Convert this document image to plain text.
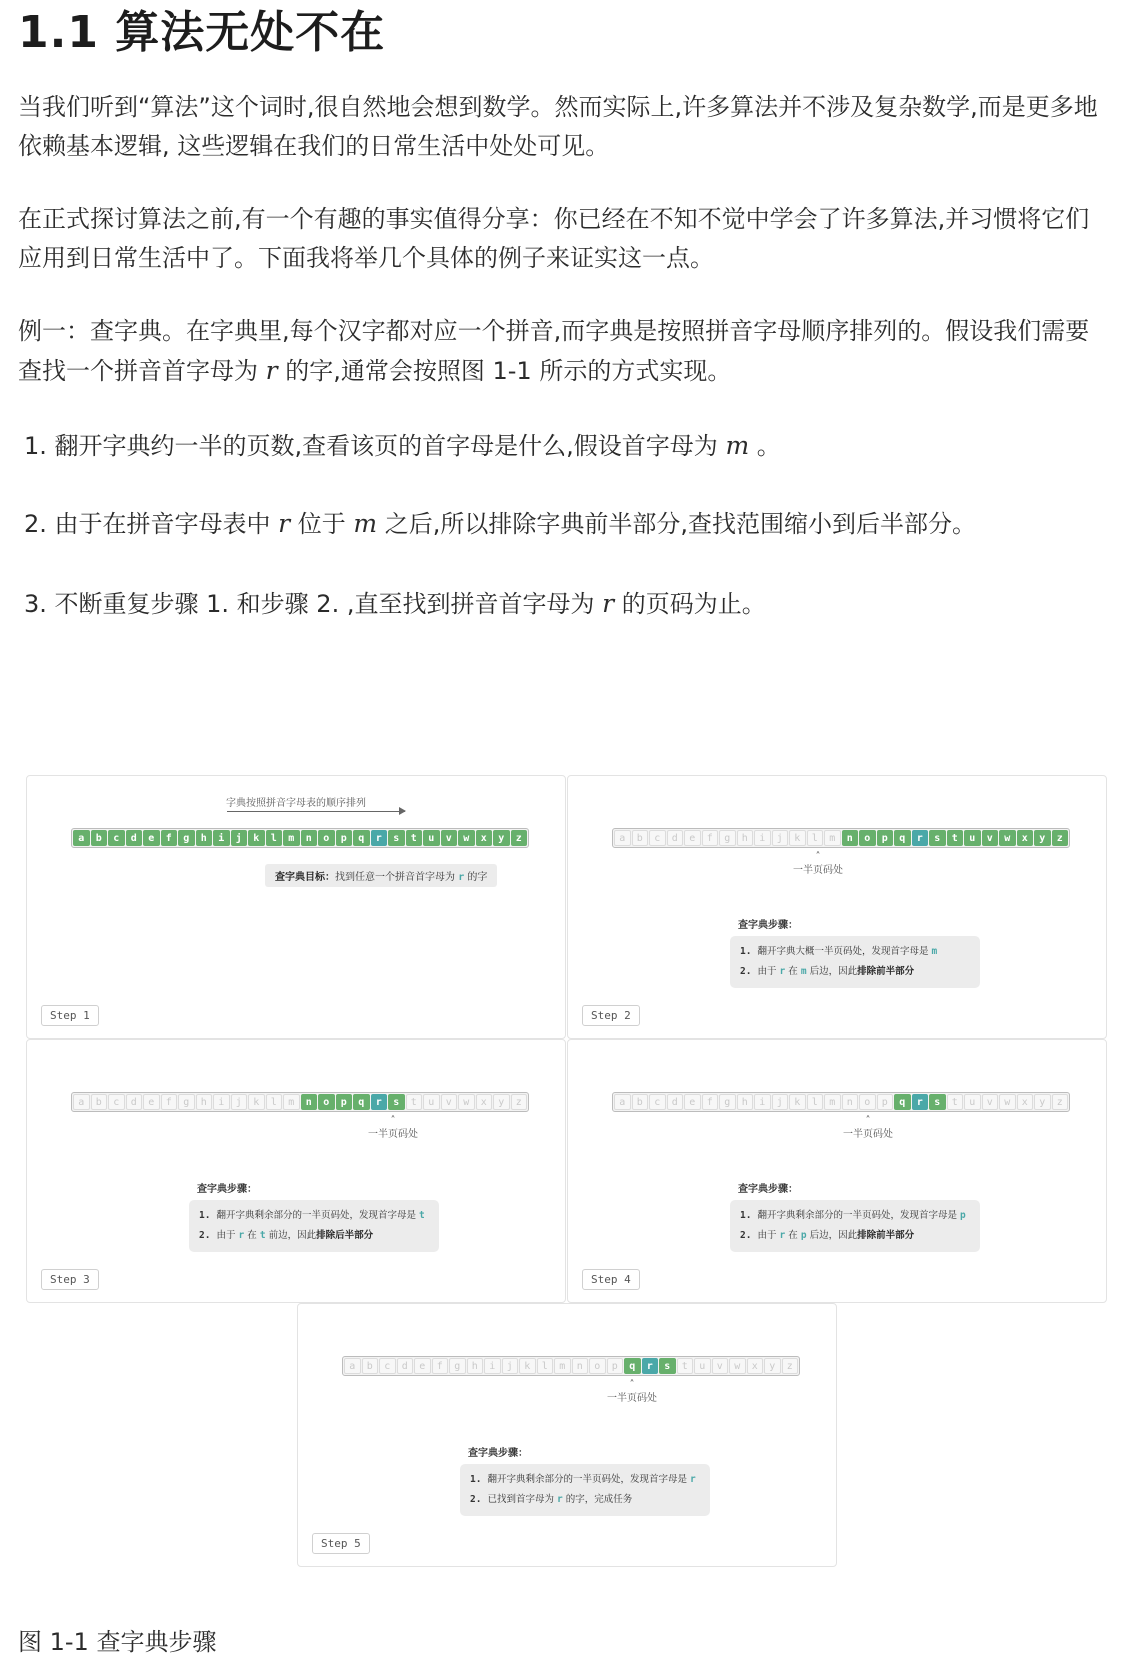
1.1 算法无处不在

当我们听到“算法”这个词时,很自然地会想到数学。然而实际上,许多算法并不涉及复杂数学,而是更多地依赖基本逻辑, 这些逻辑在我们的日常生活中处处可见。

在正式探讨算法之前,有一个有趣的事实值得分享：你已经在不知不觉中学会了许多算法,并习惯将它们应用到日常生活中了。下面我将举几个具体的例子来证实这一点。

例一：查字典。在字典里,每个汉字都对应一个拼音,而字典是按照拼音字母顺序排列的。假设我们需要查找一个拼音首字母为 r 的字,通常会按照图 1-1 所示的方式实现。

1. 翻开字典约一半的页数,查看该页的首字母是什么,假设首字母为 m 。

2. 由于在拼音字母表中 r 位于 m 之后,所以排除字典前半部分,查找范围缩小到后半部分。

3. 不断重复步骤 1. 和步骤 2. ,直至找到拼音首字母为 r 的页码为止。

字典按照拼音字母表的顺序排列
a	b	c	d	e	f	g	h	i	j	k	l	m	n	o	p	q	r	s	t	u	v	w	x	y	z
查字典目标：找到任意一个拼音首字母为 r 的字
Step 1
a	b	c	d	e	f	g	h	i	j	k	l	m	n	o	p	q	r	s	t	u	v	w	x	y	z
˄
一半页码处
查字典步骤：
1. 翻开字典大概一半页码处，发现首字母是 m
2. 由于 r 在 m 后边，因此排除前半部分
Step 2
a	b	c	d	e	f	g	h	i	j	k	l	m	n	o	p	q	r	s	t	u	v	w	x	y	z
˄
一半页码处
查字典步骤：
1. 翻开字典剩余部分的一半页码处，发现首字母是 t
2. 由于 r 在 t 前边，因此排除后半部分
Step 3
a	b	c	d	e	f	g	h	i	j	k	l	m	n	o	p	q	r	s	t	u	v	w	x	y	z
˄
一半页码处
查字典步骤：
1. 翻开字典剩余部分的一半页码处，发现首字母是 p
2. 由于 r 在 p 后边，因此排除前半部分
Step 4
a	b	c	d	e	f	g	h	i	j	k	l	m	n	o	p	q	r	s	t	u	v	w	x	y	z
˄
一半页码处
查字典步骤：
1. 翻开字典剩余部分的一半页码处，发现首字母是 r
2. 已找到首字母为 r 的字，完成任务
Step 5

图 1-1 查字典步骤
